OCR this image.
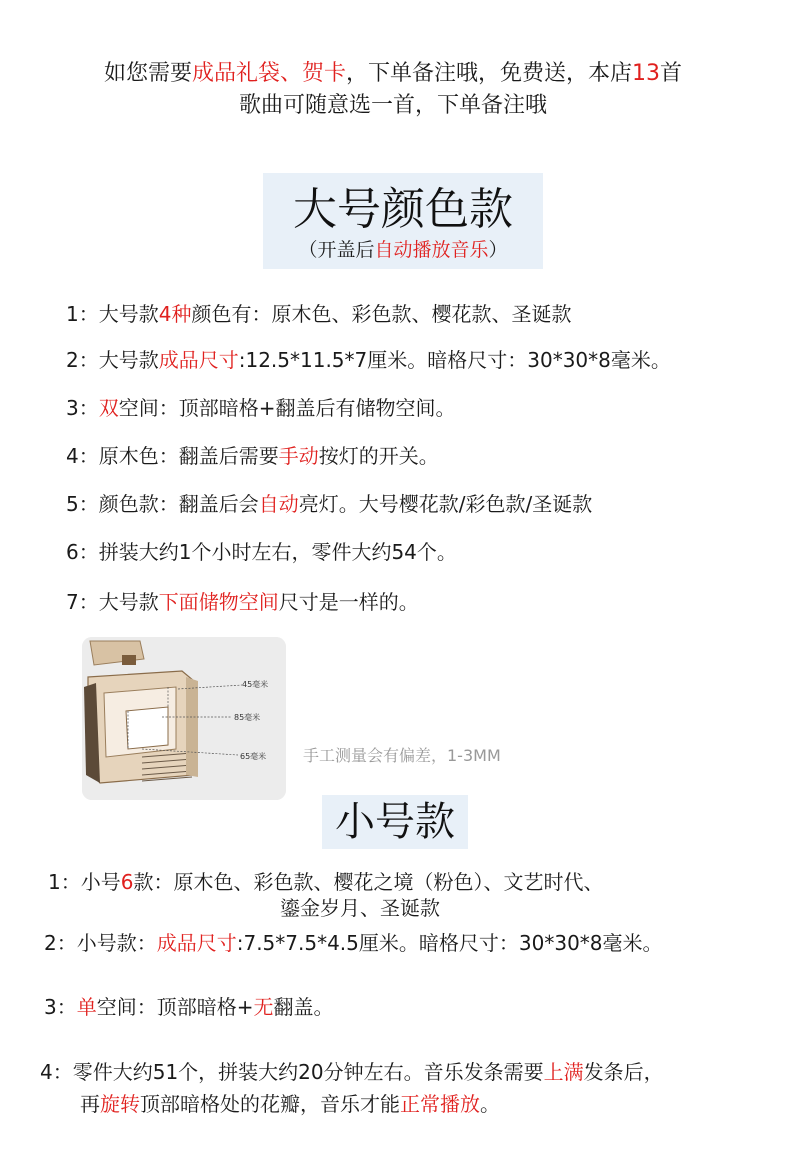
如您需要成品礼袋、贺卡，下单备注哦，免费送，本店13首
歌曲可随意选一首，下单备注哦
大号颜色款
（开盖后自动播放音乐）
1：大号款4种颜色有：原木色、彩色款、樱花款、圣诞款
2：大号款成品尺寸:12.5*11.5*7厘米。暗格尺寸：30*30*8毫米。
3：双空间：顶部暗格+翻盖后有储物空间。
4：原木色：翻盖后需要手动按灯的开关。
5：颜色款：翻盖后会自动亮灯。大号樱花款/彩色款/圣诞款
6：拼装大约1个小时左右，零件大约54个。
7：大号款下面储物空间尺寸是一样的。
45毫米
85毫米
65毫米 手工测量会有偏差，1-3MM
小号款
1：小号6款：原木色、彩色款、樱花之境（粉色）、文艺时代、
鎏金岁月、圣诞款
2：小号款：成品尺寸:7.5*7.5*4.5厘米。暗格尺寸：30*30*8毫米。
3：单空间：顶部暗格+无翻盖。
4：零件大约51个，拼装大约20分钟左右。音乐发条需要上满发条后，
再旋转顶部暗格处的花瓣，音乐才能正常播放。
